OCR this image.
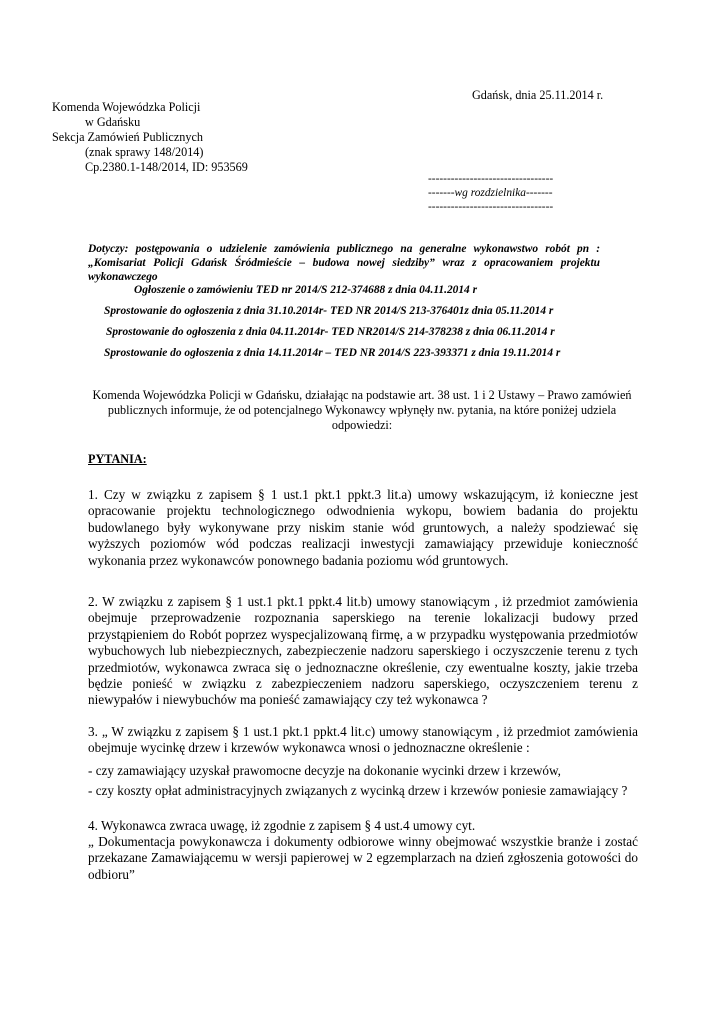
Gdańsk, dnia 25.11.2014 r.
Komenda Wojewódzka Policji
w Gdańsku
Sekcja Zamówień Publicznych
(znak sprawy 148/2014)
Cp.2380.1-148/2014, ID: 953569
---------------------------------
-------wg rozdzielnika-------
---------------------------------
Dotyczy: postępowania o udzielenie zamówienia publicznego na generalne wykonawstwo robót pn : „Komisariat Policji Gdańsk Śródmieście – budowa nowej siedziby” wraz z opracowaniem projektu wykonawczego
Ogłoszenie o zamówieniu TED nr 2014/S 212-374688 z dnia 04.11.2014 r
Sprostowanie do ogłoszenia z dnia 31.10.2014r- TED NR 2014/S 213-376401z dnia 05.11.2014 r
Sprostowanie do ogłoszenia z dnia 04.11.2014r- TED NR2014/S 214-378238 z dnia 06.11.2014 r
Sprostowanie do ogłoszenia z dnia 14.11.2014r – TED NR 2014/S 223-393371 z dnia 19.11.2014 r
Komenda Wojewódzka Policji w Gdańsku, działając na podstawie art. 38 ust. 1 i 2 Ustawy – Prawo zamówień
publicznych informuje, że od potencjalnego Wykonawcy wpłynęły nw. pytania, na które poniżej udziela
odpowiedzi:
PYTANIA:
1. Czy w związku z zapisem § 1 ust.1 pkt.1 ppkt.3 lit.a) umowy wskazującym, iż konieczne jest opracowanie projektu technologicznego odwodnienia wykopu, bowiem badania do projektu budowlanego były wykonywane przy niskim stanie wód gruntowych, a należy spodziewać się wyższych poziomów wód podczas realizacji inwestycji zamawiający przewiduje konieczność wykonania przez wykonawców ponownego badania poziomu wód gruntowych.
2. W związku z zapisem § 1 ust.1 pkt.1 ppkt.4 lit.b) umowy stanowiącym , iż przedmiot zamówienia obejmuje przeprowadzenie rozpoznania saperskiego na terenie lokalizacji budowy przed przystąpieniem do Robót poprzez wyspecjalizowaną firmę, a w przypadku występowania przedmiotów wybuchowych lub niebezpiecznych, zabezpieczenie nadzoru saperskiego i oczyszczenie terenu z tych przedmiotów, wykonawca zwraca się o jednoznaczne określenie, czy ewentualne koszty, jakie trzeba będzie ponieść w związku z zabezpieczeniem nadzoru saperskiego, oczyszczeniem terenu z niewypałów i niewybuchów ma ponieść zamawiający czy też wykonawca ?
3. „ W związku z zapisem § 1 ust.1 pkt.1 ppkt.4 lit.c) umowy stanowiącym , iż przedmiot zamówienia obejmuje wycinkę drzew i krzewów wykonawca wnosi o jednoznaczne określenie :
- czy zamawiający uzyskał prawomocne decyzje na dokonanie wycinki drzew i krzewów,
- czy koszty opłat administracyjnych związanych z wycinką drzew i krzewów poniesie zamawiający ?
4. Wykonawca zwraca uwagę, iż zgodnie z zapisem § 4 ust.4 umowy cyt.
„ Dokumentacja powykonawcza i dokumenty odbiorowe winny obejmować wszystkie branże i zostać przekazane Zamawiającemu w wersji papierowej w 2 egzemplarzach na dzień zgłoszenia gotowości do odbioru”
